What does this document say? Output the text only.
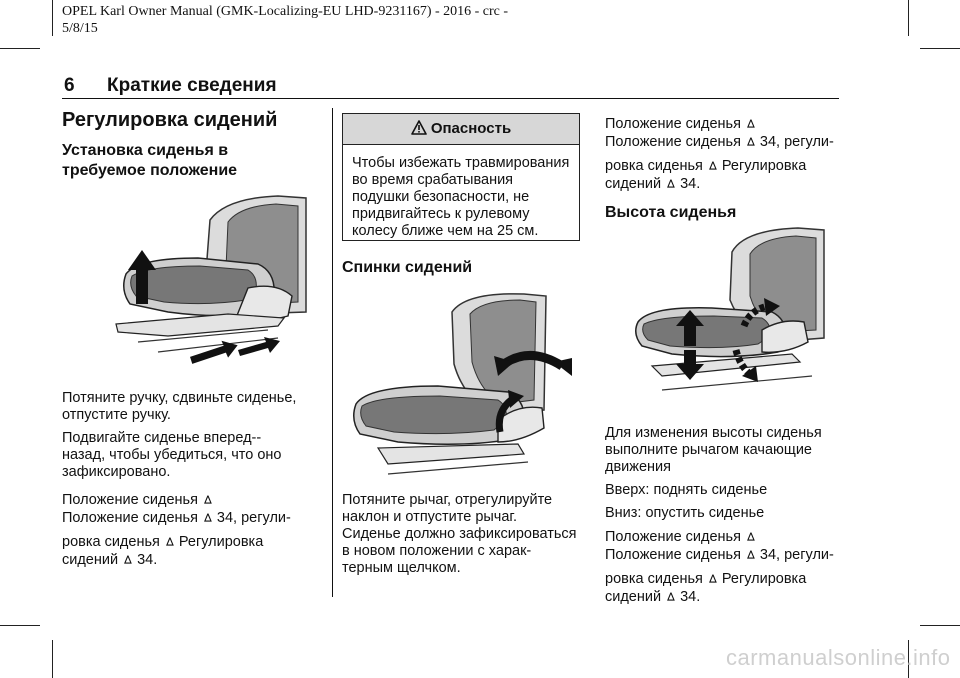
OPEL Karl Owner Manual (GMK-Localizing-EU LHD-9231167) - 2016 - crc -
5/8/15
6 Краткие сведения
Регулировка сидений
Установка сиденья в
требуемое положение

Потяните ручку, сдвиньте сиденье,

отпустите ручку.

Подвигайте сиденье вперед--

назад, чтобы убедиться, что оно

зафиксировано.

Положение сиденья ⊳

Положение сиденья ⊳ 34, регули-

ровка сиденья ⊳ Регулировка

сидений ⊳ 34.

Опасность
Чтобы избежать травмирования
во время срабатывания
подушки безопасности, не
придвигайтесь к рулевому
колесу ближе чем на 25 см.
Спинки сидений

Потяните рычаг, отрегулируйте

наклон и отпустите рычаг.

Сиденье должно зафиксироваться

в новом положении с харак-

терным щелчком.

Положение сиденья ⊳

Положение сиденья ⊳ 34, регули-

ровка сиденья ⊳ Регулировка

сидений ⊳ 34.

Высота сиденья

Для изменения высоты сиденья

выполните рычагом качающие

движения

Вверх: поднять сиденье

Вниз: опустить сиденье

Положение сиденья ⊳

Положение сиденья ⊳ 34, регули-

ровка сиденья ⊳ Регулировка

сидений ⊳ 34.

carmanualsonline.info
